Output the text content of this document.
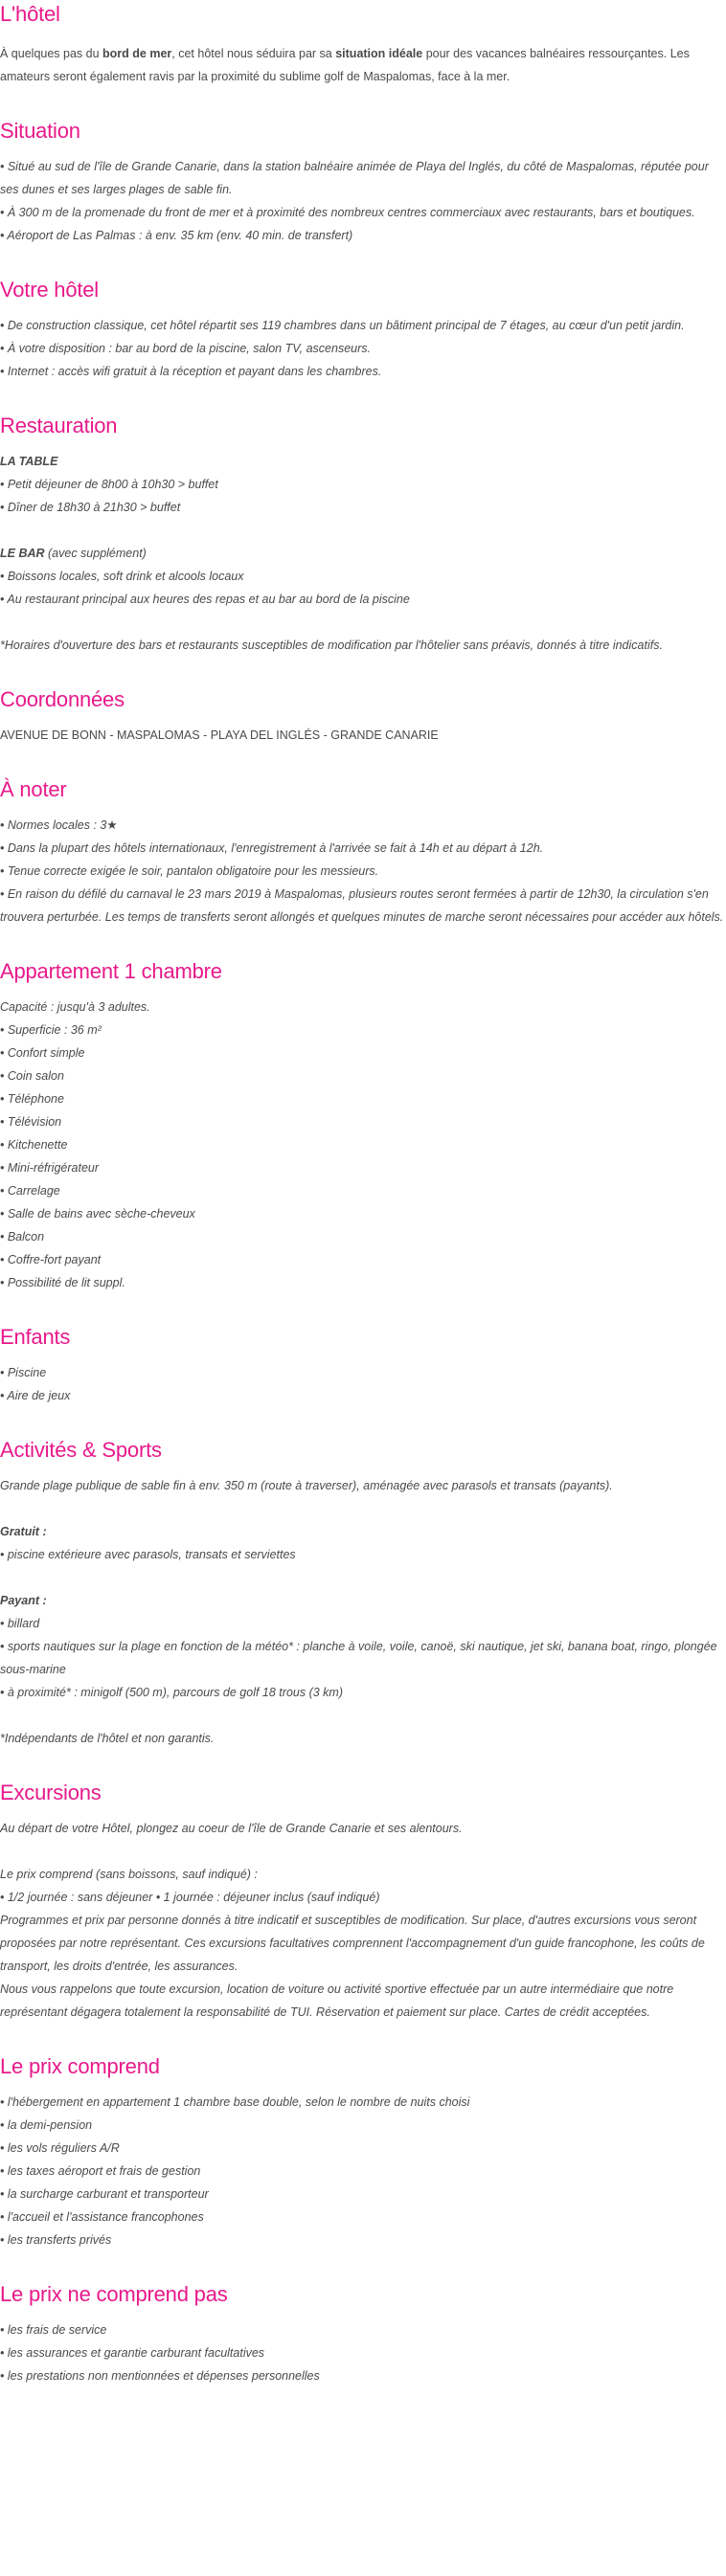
L'hôtel

À quelques pas du bord de mer, cet hôtel nous séduira par sa situation idéale pour des vacances balnéaires ressourçantes. Les amateurs seront également ravis par la proximité du sublime golf de Maspalomas, face à la mer.

Situation

• Situé au sud de l'île de Grande Canarie, dans la station balnéaire animée de Playa del Inglés, du côté de Maspalomas, réputée pour ses dunes et ses larges plages de sable fin.

• À 300 m de la promenade du front de mer et à proximité des nombreux centres commerciaux avec restaurants, bars et boutiques.

• Aéroport de Las Palmas : à env. 35 km (env. 40 min. de transfert)

Votre hôtel

• De construction classique, cet hôtel répartit ses 119 chambres dans un bâtiment principal de 7 étages, au cœur d'un petit jardin.

• À votre disposition : bar au bord de la piscine, salon TV, ascenseurs.

• Internet : accès wifi gratuit à la réception et payant dans les chambres.

Restauration

LA TABLE

• Petit déjeuner de 8h00 à 10h30 > buffet

• Dîner de 18h30 à 21h30 > buffet

LE BAR (avec supplément)

• Boissons locales, soft drink et alcools locaux

• Au restaurant principal aux heures des repas et au bar au bord de la piscine

*Horaires d'ouverture des bars et restaurants susceptibles de modification par l'hôtelier sans préavis, donnés à titre indicatifs.

Coordonnées

AVENUE DE BONN - MASPALOMAS - PLAYA DEL INGLÉS - GRANDE CANARIE

À noter

• Normes locales : 3★

• Dans la plupart des hôtels internationaux, l'enregistrement à l'arrivée se fait à 14h et au départ à 12h.

• Tenue correcte exigée le soir, pantalon obligatoire pour les messieurs.

• En raison du défilé du carnaval le 23 mars 2019 à Maspalomas, plusieurs routes seront fermées à partir de 12h30, la circulation s'en trouvera perturbée. Les temps de transferts seront allongés et quelques minutes de marche seront nécessaires pour accéder aux hôtels.

Appartement 1 chambre

Capacité : jusqu'à 3 adultes.

• Superficie : 36 m²

• Confort simple

• Coin salon

• Téléphone

• Télévision

• Kitchenette

• Mini-réfrigérateur

• Carrelage

• Salle de bains avec sèche-cheveux

• Balcon

• Coffre-fort payant

• Possibilité de lit suppl.

Enfants

• Piscine

• Aire de jeux

Activités & Sports

Grande plage publique de sable fin à env. 350 m (route à traverser), aménagée avec parasols et transats (payants).

Gratuit :

• piscine extérieure avec parasols, transats et serviettes

Payant :

• billard

• sports nautiques sur la plage en fonction de la météo* : planche à voile, voile, canoë, ski nautique, jet ski, banana boat, ringo, plongée sous-marine

• à proximité* : minigolf (500 m), parcours de golf 18 trous (3 km)

*Indépendants de l'hôtel et non garantis.

Excursions

Au départ de votre Hôtel, plongez au coeur de l'île de Grande Canarie et ses alentours.

Le prix comprend (sans boissons, sauf indiqué) :

• 1/2 journée : sans déjeuner • 1 journée : déjeuner inclus (sauf indiqué)

Programmes et prix par personne donnés à titre indicatif et susceptibles de modification. Sur place, d'autres excursions vous seront proposées par notre représentant. Ces excursions facultatives comprennent l'accompagnement d'un guide francophone, les coûts de transport, les droits d'entrée, les assurances.

Nous vous rappelons que toute excursion, location de voiture ou activité sportive effectuée par un autre intermédiaire que notre représentant dégagera totalement la responsabilité de TUI. Réservation et paiement sur place. Cartes de crédit acceptées.

Le prix comprend

• l'hébergement en appartement 1 chambre base double, selon le nombre de nuits choisi

• la demi-pension

• les vols réguliers A/R

• les taxes aéroport et frais de gestion

• la surcharge carburant et transporteur

• l'accueil et l'assistance francophones

• les transferts privés

Le prix ne comprend pas

• les frais de service

• les assurances et garantie carburant facultatives

• les prestations non mentionnées et dépenses personnelles
